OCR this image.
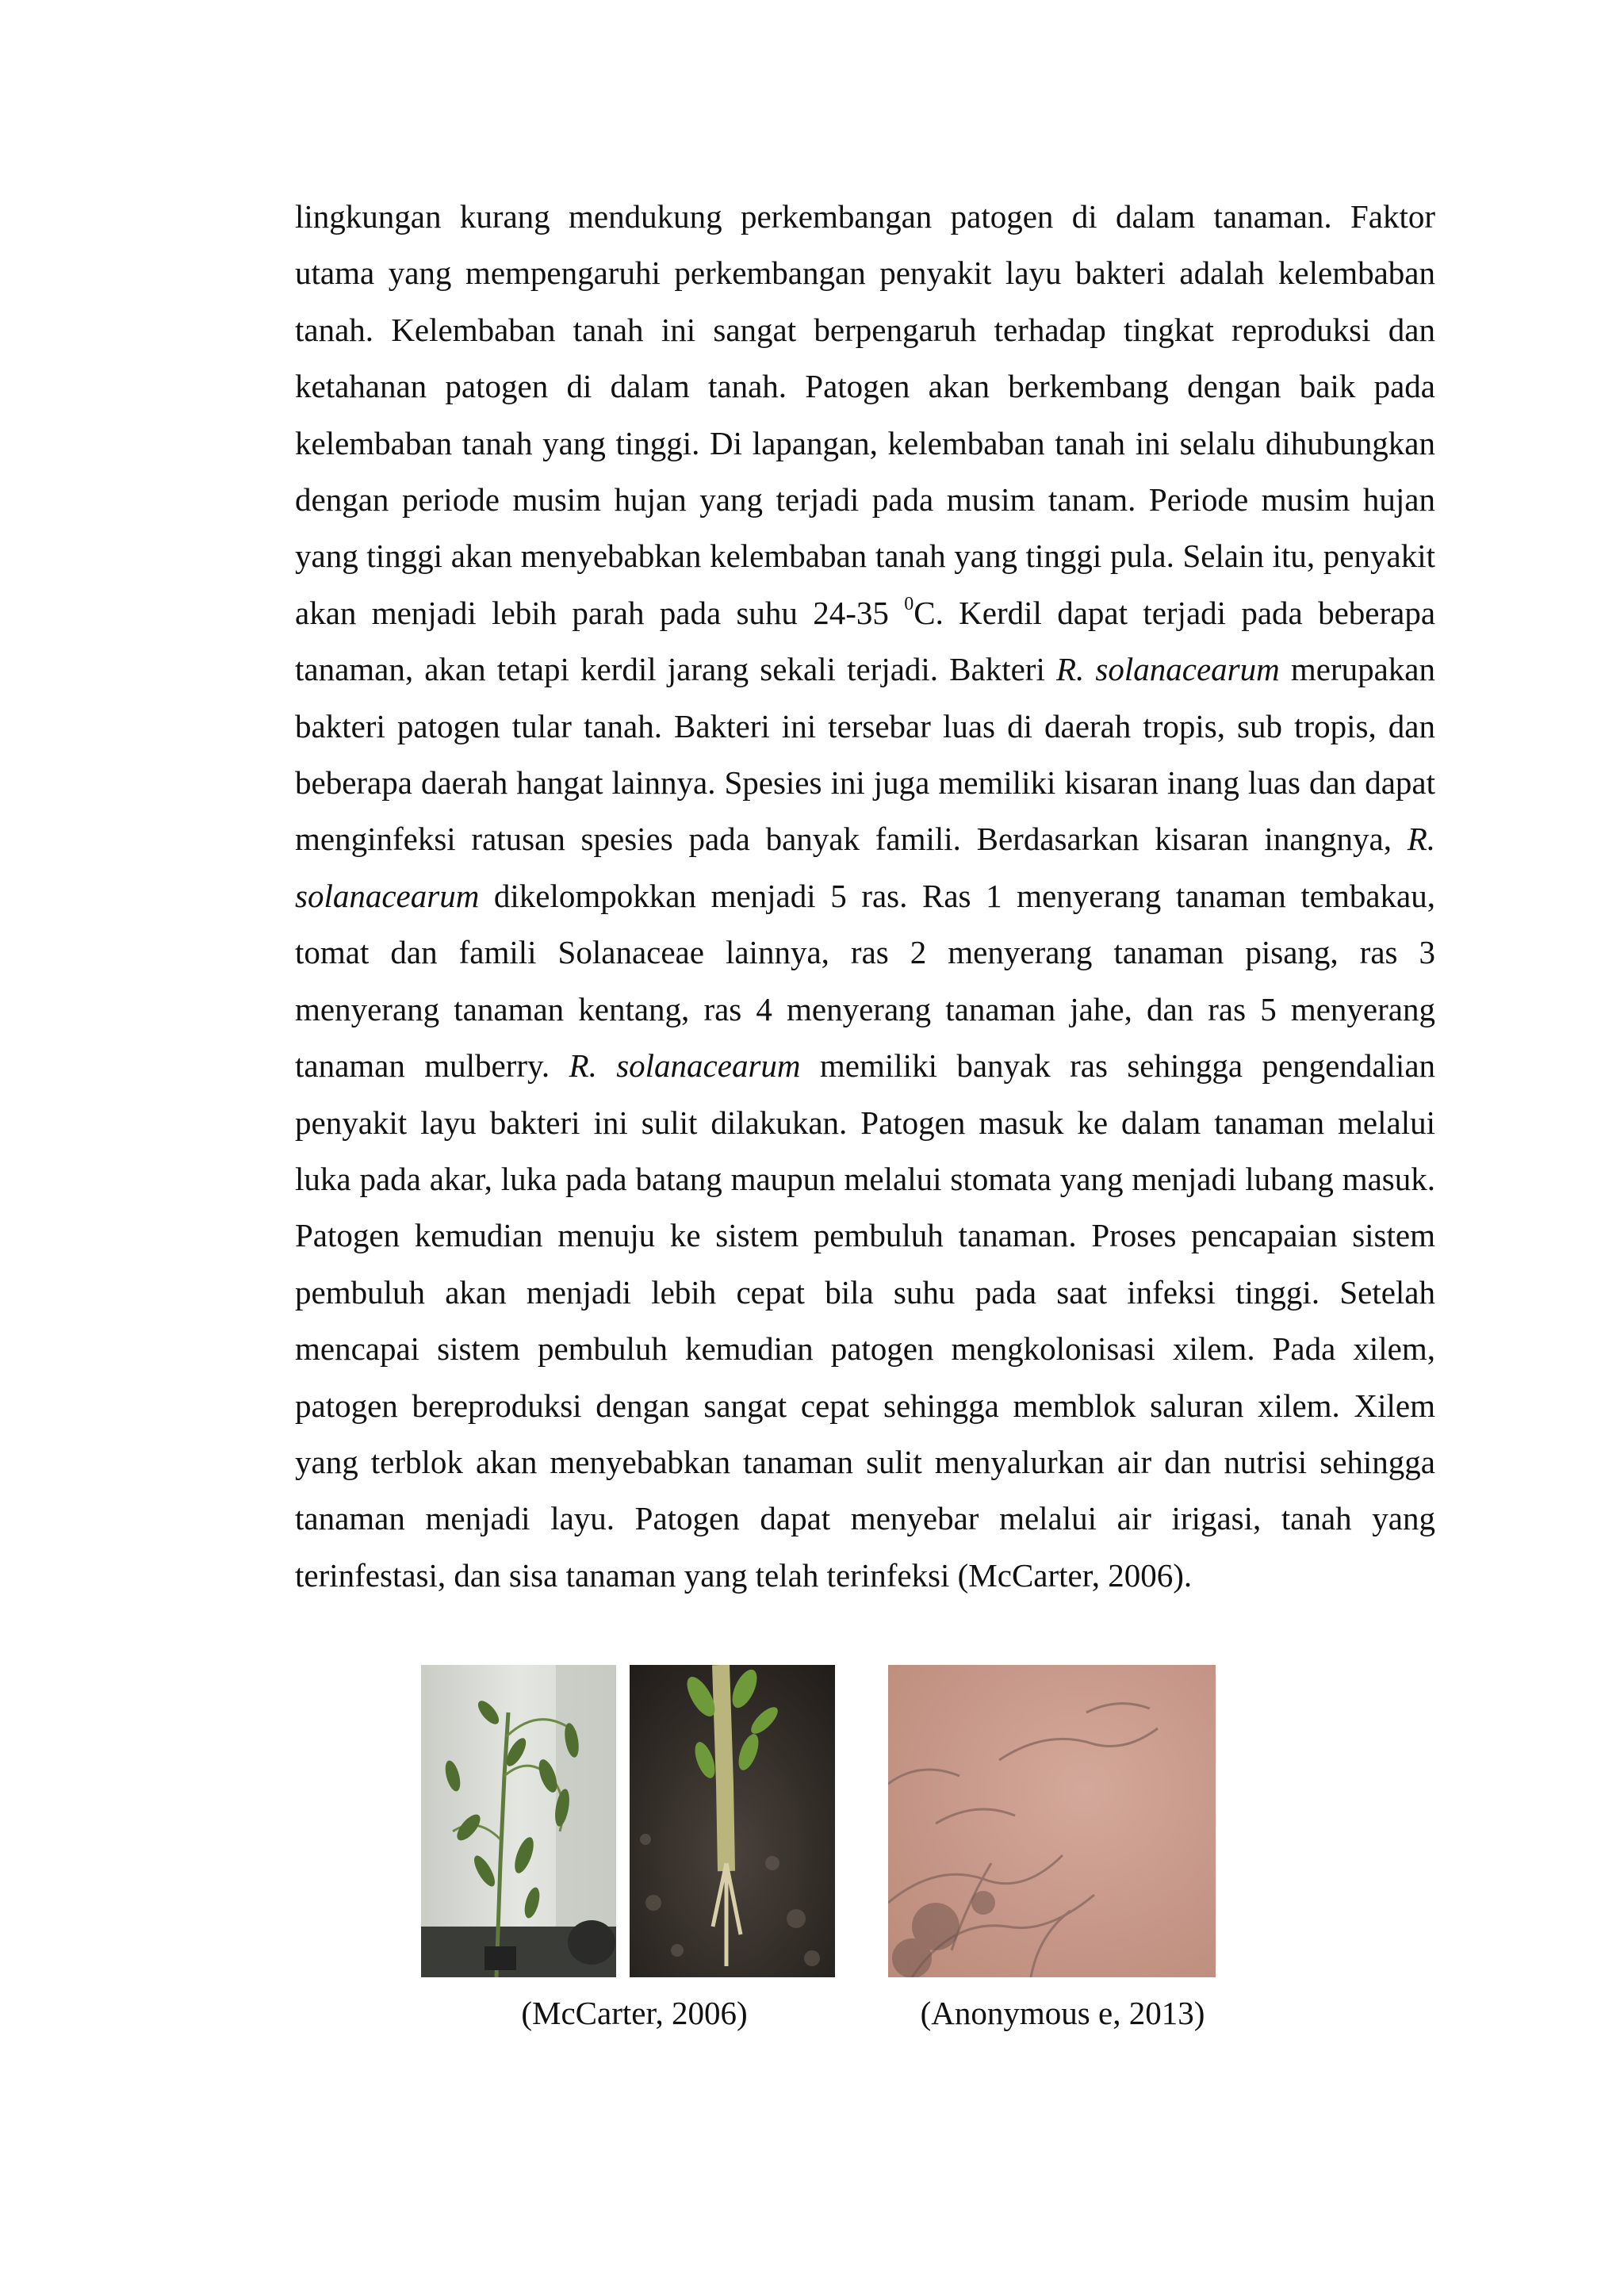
lingkungan kurang mendukung perkembangan patogen di dalam tanaman. Faktor utama yang mempengaruhi perkembangan penyakit layu bakteri adalah kelembaban tanah. Kelembaban tanah ini sangat berpengaruh terhadap tingkat reproduksi dan ketahanan patogen di dalam tanah. Patogen akan berkembang dengan baik pada kelembaban tanah yang tinggi. Di lapangan, kelembaban tanah ini selalu dihubungkan dengan periode musim hujan yang terjadi pada musim tanam. Periode musim hujan yang tinggi akan menyebabkan kelembaban tanah yang tinggi pula. Selain itu, penyakit akan menjadi lebih parah pada suhu 24-35 $^0$C. Kerdil dapat terjadi pada beberapa tanaman, akan tetapi kerdil jarang sekali terjadi. Bakteri R. solanacearum merupakan bakteri patogen tular tanah. Bakteri ini tersebar luas di daerah tropis, sub tropis, dan beberapa daerah hangat lainnya. Spesies ini juga memiliki kisaran inang luas dan dapat menginfeksi ratusan spesies pada banyak famili. Berdasarkan kisaran inangnya, R. solanacearum dikelompokkan menjadi 5 ras. Ras 1 menyerang tanaman tembakau, tomat dan famili Solanaceae lainnya, ras 2 menyerang tanaman pisang, ras 3 menyerang tanaman kentang, ras 4 menyerang tanaman jahe, dan ras 5 menyerang tanaman mulberry. R. solanacearum memiliki banyak ras sehingga pengendalian penyakit layu bakteri ini sulit dilakukan. Patogen masuk ke dalam tanaman melalui luka pada akar, luka pada batang maupun melalui stomata yang menjadi lubang masuk. Patogen kemudian menuju ke sistem pembuluh tanaman. Proses pencapaian sistem pembuluh akan menjadi lebih cepat bila suhu pada saat infeksi tinggi. Setelah mencapai sistem pembuluh kemudian patogen mengkolonisasi xilem. Pada xilem, patogen bereproduksi dengan sangat cepat sehingga memblok saluran xilem. Xilem yang terblok akan menyebabkan tanaman sulit menyalurkan air dan nutrisi sehingga tanaman menjadi layu. Patogen dapat menyebar melalui air irigasi, tanah yang terinfestasi, dan sisa tanaman yang telah terinfeksi (McCarter, 2006).

(McCarter, 2006)	(Anonymous e, 2013)
